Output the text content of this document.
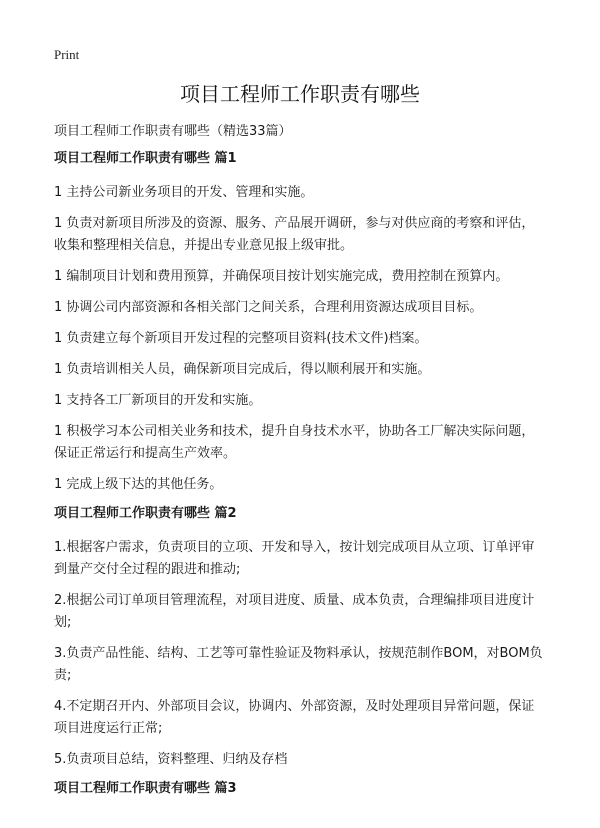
Print
项目工程师工作职责有哪些
项目工程师工作职责有哪些（精选33篇）
项目工程师工作职责有哪些 篇1

1 主持公司新业务项目的开发、管理和实施。

1 负责对新项目所涉及的资源、服务、产品展开调研，参与对供应商的考察和评估，收集和整理相关信息，并提出专业意见报上级审批。

1 编制项目计划和费用预算，并确保项目按计划实施完成，费用控制在预算内。

1 协调公司内部资源和各相关部门之间关系，合理利用资源达成项目目标。

1 负责建立每个新项目开发过程的完整项目资料(技术文件)档案。

1 负责培训相关人员，确保新项目完成后，得以顺利展开和实施。

1 支持各工厂新项目的开发和实施。

1 积极学习本公司相关业务和技术，提升自身技术水平，协助各工厂解决实际问题，保证正常运行和提高生产效率。

1 完成上级下达的其他任务。

项目工程师工作职责有哪些 篇2

1.根据客户需求，负责项目的立项、开发和导入，按计划完成项目从立项、订单评审到量产交付全过程的跟进和推动;

2.根据公司订单项目管理流程，对项目进度、质量、成本负责，合理编排项目进度计划;

3.负责产品性能、结构、工艺等可靠性验证及物料承认，按规范制作BOM，对BOM负责;

4.不定期召开内、外部项目会议，协调内、外部资源，及时处理项目异常问题，保证项目进度运行正常;

5.负责项目总结，资料整理、归纳及存档

项目工程师工作职责有哪些 篇3
